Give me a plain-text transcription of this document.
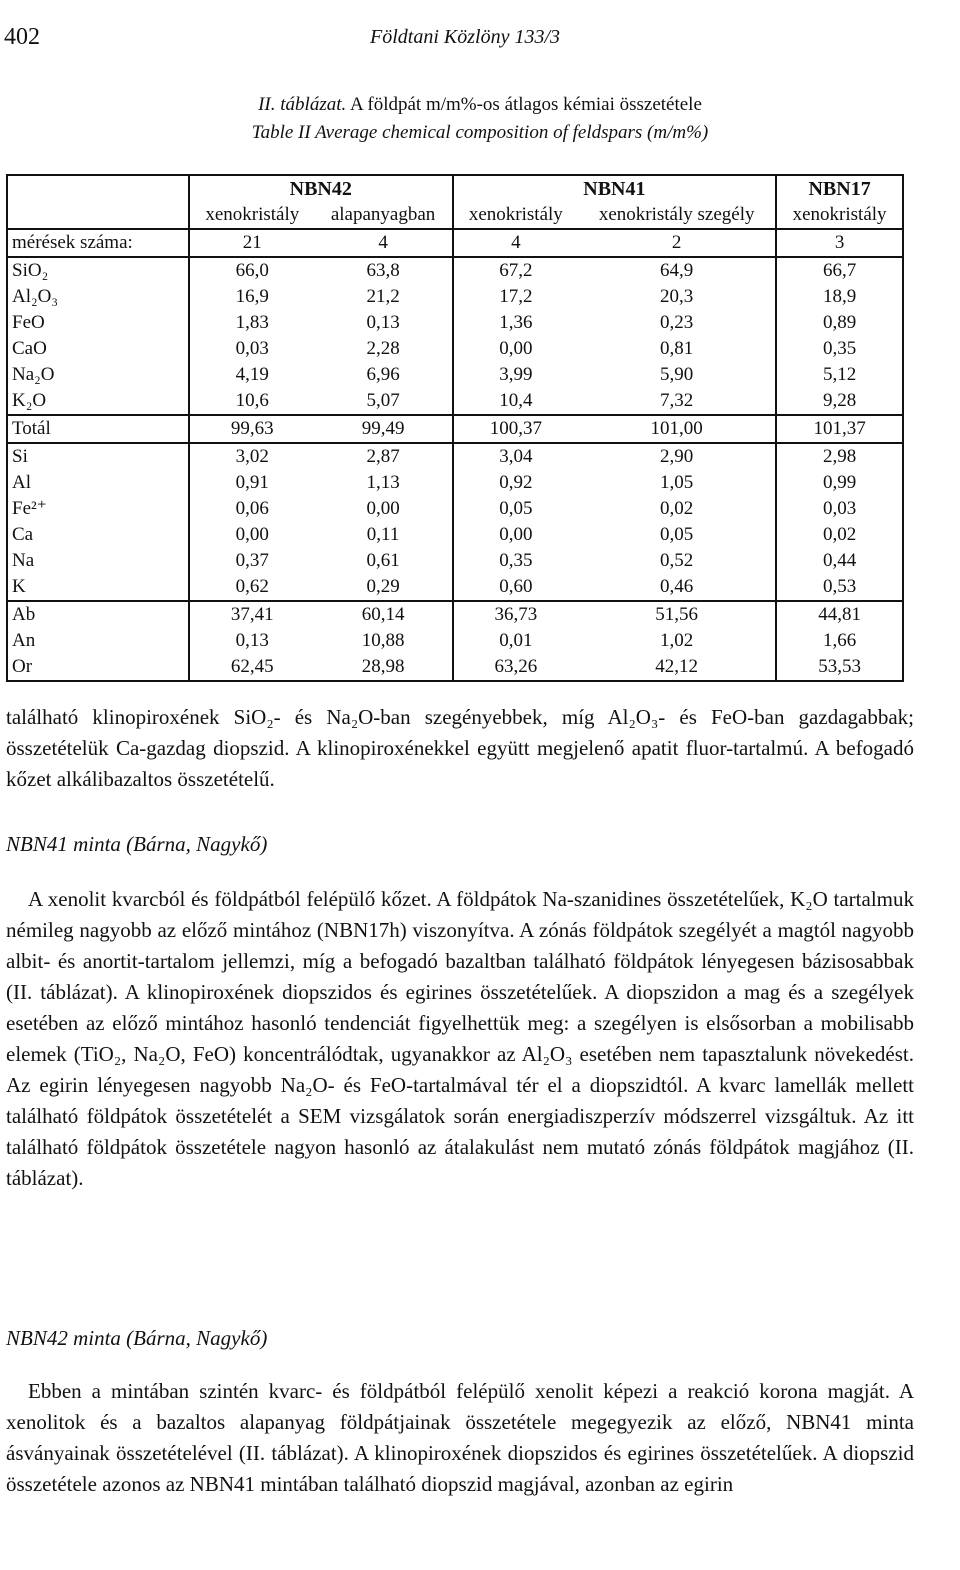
402	Földtani Közlöny 133/3
II. táblázat. A földpát m/m%-os átlagos kémiai összetétele
Table II Average chemical composition of feldspars (m/m%)
	NBN42		NBN41		NBN17
	xenokristály	alapanyagban	xenokristály	xenokristály szegély	xenokristály
mérések száma:	21	4	4	2	3
SiO₂	66,0	63,8	67,2	64,9	66,7
Al₂O₃	16,9	21,2	17,2	20,3	18,9
FeO	1,83	0,13	1,36	0,23	0,89
CaO	0,03	2,28	0,00	0,81	0,35
Na₂O	4,19	6,96	3,99	5,90	5,12
K₂O	10,6	5,07	10,4	7,32	9,28
Totál	99,63	99,49	100,37	101,00	101,37
Si	3,02	2,87	3,04	2,90	2,98
Al	0,91	1,13	0,92	1,05	0,99
Fe²⁺	0,06	0,00	0,05	0,02	0,03
Ca	0,00	0,11	0,00	0,05	0,02
Na	0,37	0,61	0,35	0,52	0,44
K	0,62	0,29	0,60	0,46	0,53
Ab	37,41	60,14	36,73	51,56	44,81
An	0,13	10,88	0,01	1,02	1,66
Or	62,45	28,98	63,26	42,12	53,53

található klinopiroxének SiO₂- és Na₂O-ban szegényebbek, míg Al₂O₃- és FeO-ban gazdagabbak; összetételük Ca-gazdag diopszid. A klinopiroxénekkel együtt megjelenő apatit fluor-tartalmú. A befogadó kőzet alkálibazaltos összetételű.

NBN41 minta (Bárna, Nagykő)

A xenolit kvarcból és földpátból felépülő kőzet. A földpátok Na-szanidines összetételűek, K₂O tartalmuk némileg nagyobb az előző mintához (NBN17h) viszonyítva. A zónás földpátok szegélyét a magtól nagyobb albit- és anortit-tartalom jellemzi, míg a befogadó bazaltban található földpátok lényegesen bázisosabbak (II. táblázat). A klinopiroxének diopszidos és egirines összetételűek. A diopszidon a mag és a szegélyek esetében az előző mintához hasonló tendenciát figyelhettük meg: a szegélyen is elsősorban a mobilisabb elemek (TiO₂, Na₂O, FeO) koncentrálódtak, ugyanakkor az Al₂O₃ esetében nem tapasztalunk növekedést. Az egirin lényegesen nagyobb Na₂O- és FeO-tartalmával tér el a diopszidtól. A kvarc lamellák mellett található földpátok összetételét a SEM vizsgálatok során energiadiszperzív módszerrel vizsgáltuk. Az itt található földpátok összetétele nagyon hasonló az átalakulást nem mutató zónás földpátok magjához (II. táblázat).

NBN42 minta (Bárna, Nagykő)

Ebben a mintában szintén kvarc- és földpátból felépülő xenolit képezi a reakció korona magját. A xenolitok és a bazaltos alapanyag földpátjainak összetétele megegyezik az előző, NBN41 minta ásványainak összetételével (II. táblázat). A klinopiroxének diopszidos és egirines összetételűek. A diopszid összetétele azonos az NBN41 mintában található diopszid magjával, azonban az egirin
